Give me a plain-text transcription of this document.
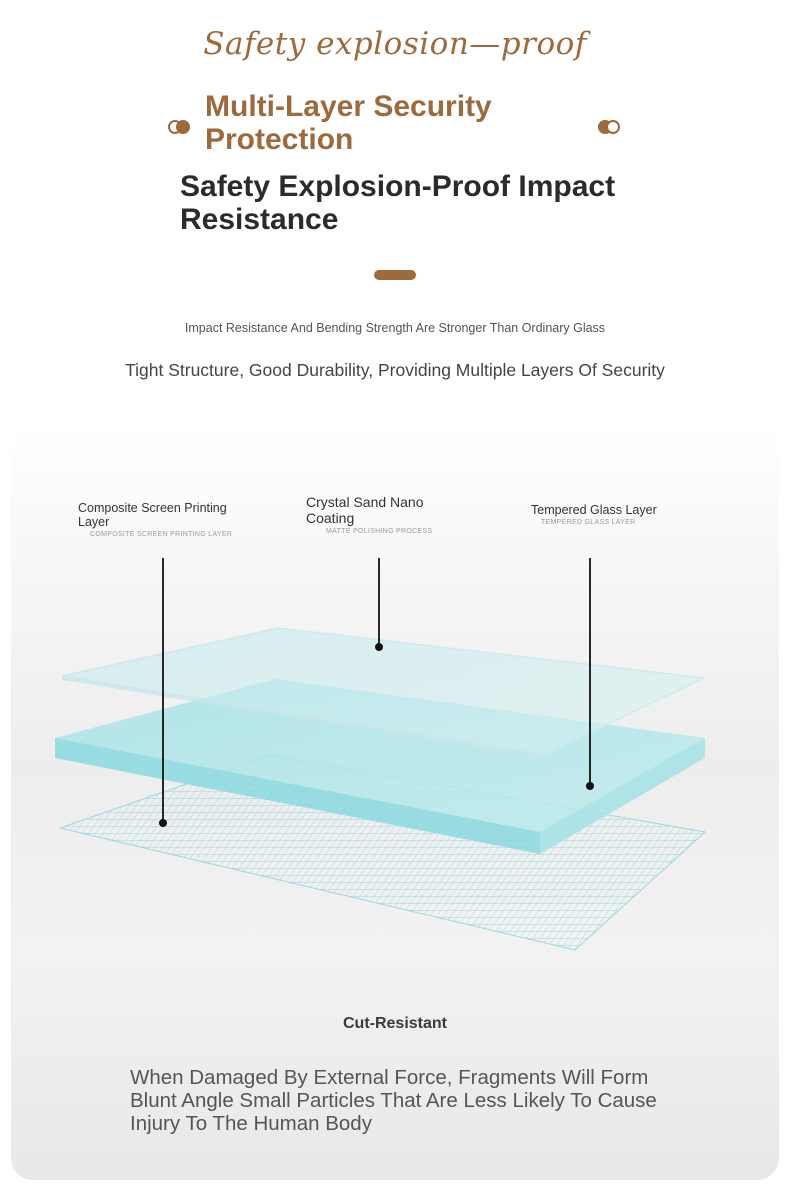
Safety explosion—proof
Multi-Layer Security Protection
Safety Explosion-Proof Impact Resistance
Impact Resistance And Bending Strength Are Stronger Than Ordinary Glass
Tight Structure, Good Durability, Providing Multiple Layers Of Security
Composite Screen Printing Layer
COMPOSITE SCREEN PRINTING LAYER
Crystal Sand Nano Coating
MATTE POLISHING PROCESS
Tempered Glass Layer
TEMPERED GLASS LAYER
Cut-Resistant
When Damaged By External Force, Fragments Will Form Blunt Angle Small Particles That Are Less Likely To Cause Injury To The Human Body
